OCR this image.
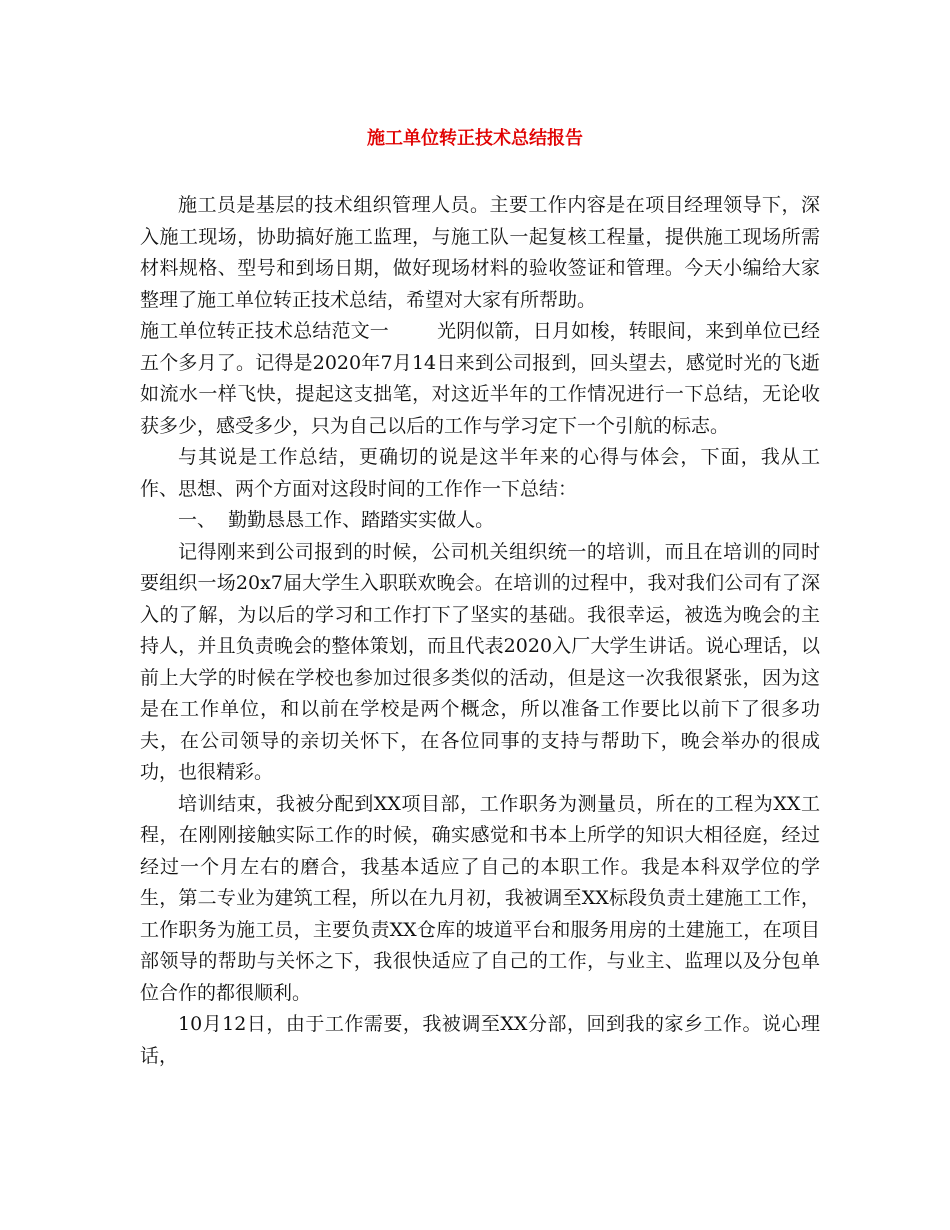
施工单位转正技术总结报告

施工员是基层的技术组织管理人员。主要工作内容是在项目经理领导下，深入施工现场，协助搞好施工监理，与施工队一起复核工程量，提供施工现场所需材料规格、型号和到场日期，做好现场材料的验收签证和管理。今天小编给大家整理了施工单位转正技术总结，希望对大家有所帮助。

施工单位转正技术总结范文一	光阴似箭，日月如梭，转眼间，来到单位已经五个多月了。记得是2020年7月14日来到公司报到，回头望去，感觉时光的飞逝如流水一样飞快，提起这支拙笔，对这近半年的工作情况进行一下总结，无论收获多少，感受多少，只为自己以后的工作与学习定下一个引航的标志。

与其说是工作总结，更确切的说是这半年来的心得与体会，下面，我从工作、思想、两个方面对这段时间的工作作一下总结：

一、  勤勤恳恳工作、踏踏实实做人。

记得刚来到公司报到的时候，公司机关组织统一的培训，而且在培训的同时要组织一场20x7届大学生入职联欢晚会。在培训的过程中，我对我们公司有了深入的了解，为以后的学习和工作打下了坚实的基础。我很幸运，被选为晚会的主持人，并且负责晚会的整体策划，而且代表2020入厂大学生讲话。说心理话，以前上大学的时候在学校也参加过很多类似的活动，但是这一次我很紧张，因为这是在工作单位，和以前在学校是两个概念，所以准备工作要比以前下了很多功夫，在公司领导的亲切关怀下，在各位同事的支持与帮助下，晚会举办的很成功，也很精彩。

培训结束，我被分配到XX项目部，工作职务为测量员，所在的工程为XX工程，在刚刚接触实际工作的时候，确实感觉和书本上所学的知识大相径庭，经过经过一个月左右的磨合，我基本适应了自己的本职工作。我是本科双学位的学生，第二专业为建筑工程，所以在九月初，我被调至XX标段负责土建施工工作，工作职务为施工员，主要负责XX仓库的坡道平台和服务用房的土建施工，在项目部领导的帮助与关怀之下，我很快适应了自己的工作，与业主、监理以及分包单位合作的都很顺利。

10月12日，由于工作需要，我被调至XX分部，回到我的家乡工作。说心理话，
